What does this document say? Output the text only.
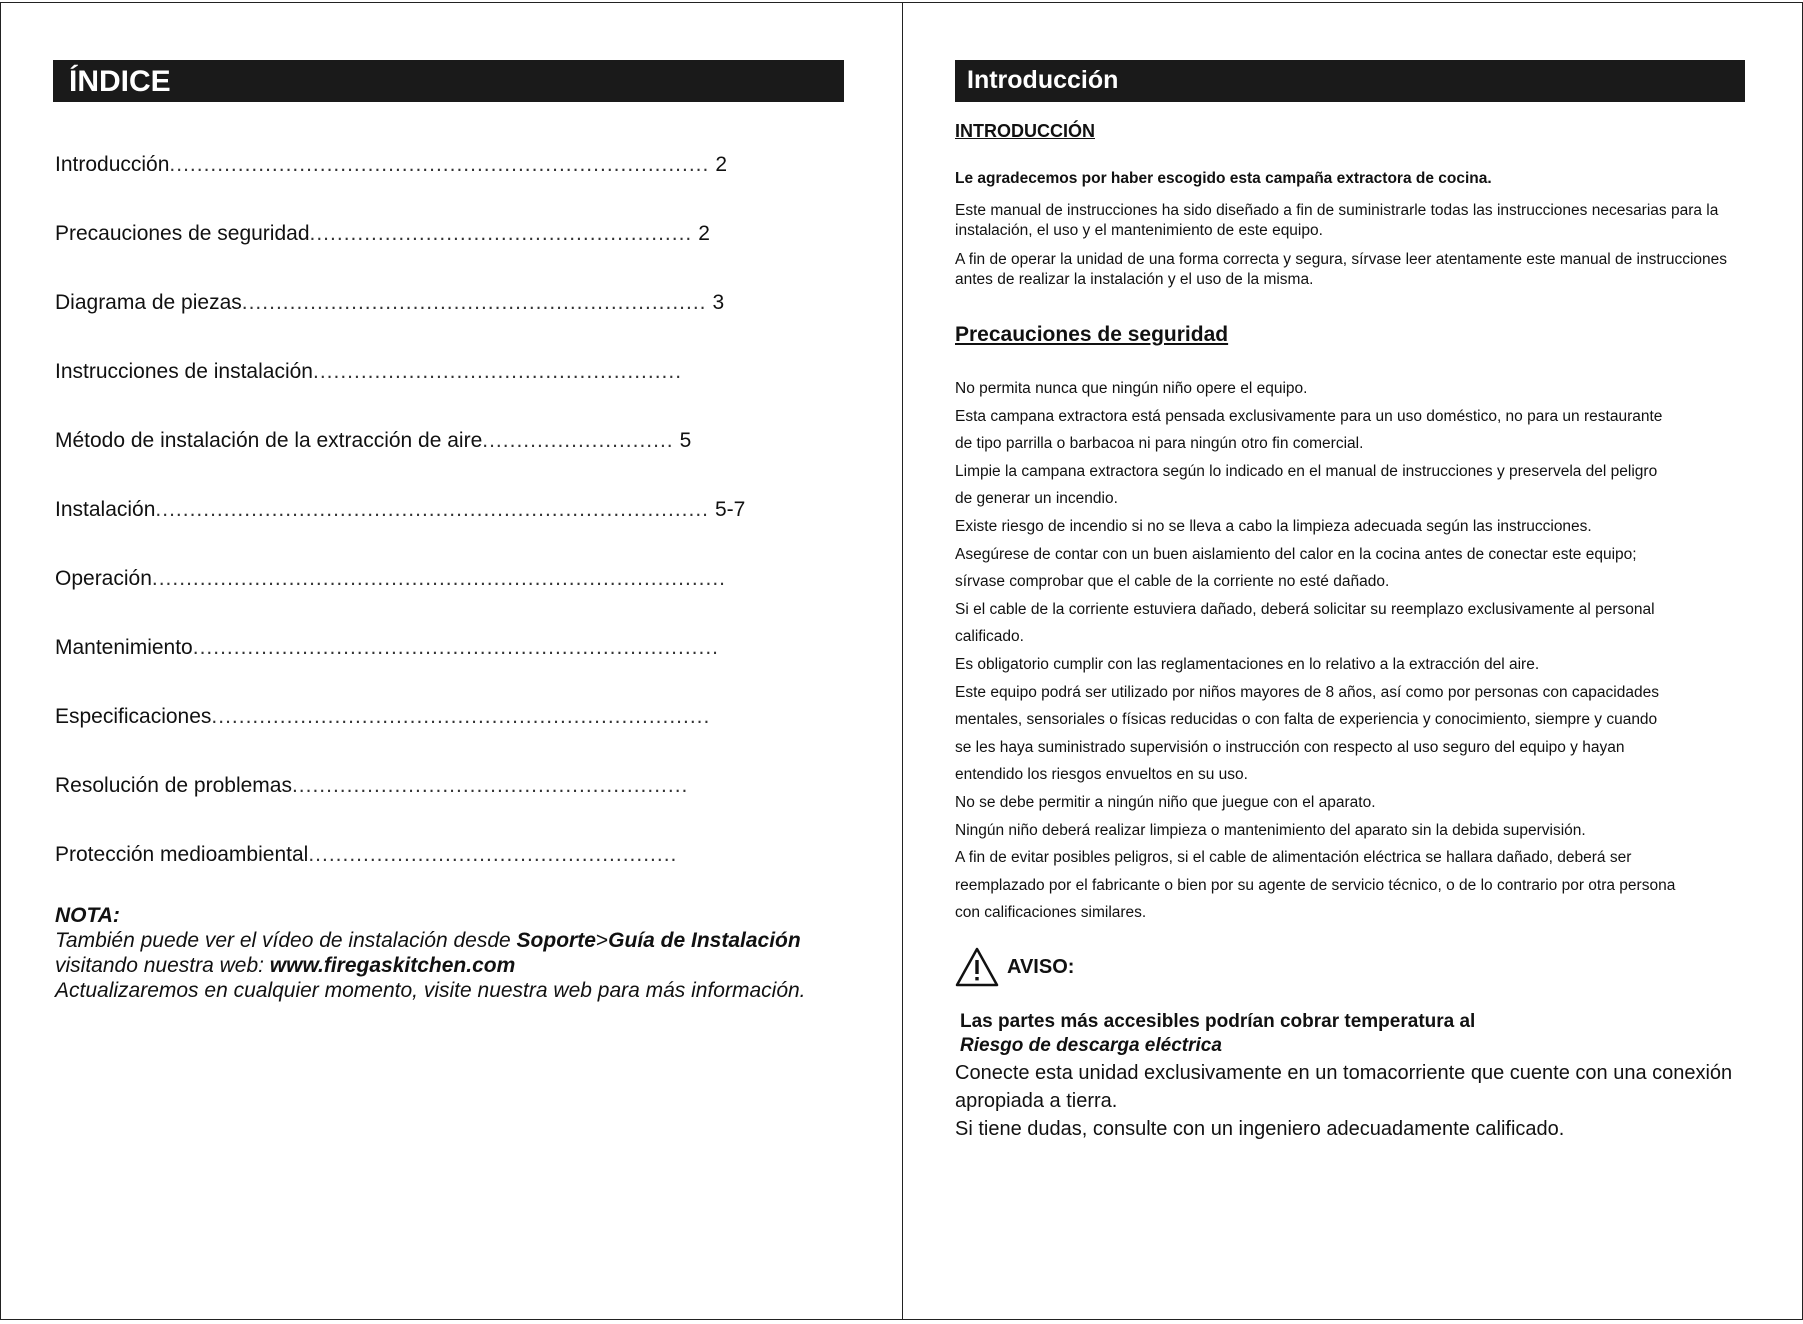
ÍNDICE
Introducción ............................................................................... 2
Precauciones de seguridad ........................................................ 2
Diagrama de piezas .................................................................... 3
Instrucciones de instalación ......................................................
Método de instalación de la extracción de aire ............................ 5
Instalación ................................................................................. 5-7
Operación ....................................................................................
Mantenimiento .............................................................................
Especificaciones .........................................................................
Resolución de problemas ..........................................................
Protección medioambiental ......................................................
NOTA:
También puede ver el vídeo de instalación desde Soporte>Guía de Instalación
visitando nuestra web: www.firegaskitchen.com
Actualizaremos en cualquier momento, visite nuestra web para más información.
Introducción
INTRODUCCIÓN
Le agradecemos por haber escogido esta campaña extractora de cocina.
Este manual de instrucciones ha sido diseñado a fin de suministrarle todas las instrucciones necesarias para la instalación, el uso y el mantenimiento de este equipo.
A fin de operar la unidad de una forma correcta y segura, sírvase leer atentamente este manual de instrucciones antes de realizar la instalación y el uso de la misma.
Precauciones de seguridad
No permita nunca que ningún niño opere el equipo.
Esta campana extractora está pensada exclusivamente para un uso doméstico, no para un restaurante
de tipo parrilla o barbacoa ni para ningún otro fin comercial.
Limpie la campana extractora según lo indicado en el manual de instrucciones y preservela del peligro
de generar un incendio.
Existe riesgo de incendio si no se lleva a cabo la limpieza adecuada según las instrucciones.
Asegúrese de contar con un buen aislamiento del calor en la cocina antes de conectar este equipo;
sírvase comprobar que el cable de la corriente no esté dañado.
Si el cable de la corriente estuviera dañado, deberá solicitar su reemplazo exclusivamente al personal
calificado.
Es obligatorio cumplir con las reglamentaciones en lo relativo a la extracción del aire.
Este equipo podrá ser utilizado por niños mayores de 8 años, así como por personas con capacidades
mentales, sensoriales o físicas reducidas o con falta de experiencia y conocimiento, siempre y cuando
se les haya suministrado supervisión o instrucción con respecto al uso seguro del equipo y hayan
entendido los riesgos envueltos en su uso.
No se debe permitir a ningún niño que juegue con el aparato.
Ningún niño deberá realizar limpieza o mantenimiento del aparato sin la debida supervisión.
A fin de evitar posibles peligros, si el cable de alimentación eléctrica se hallara dañado, deberá ser
reemplazado por el fabricante o bien por su agente de servicio técnico, o de lo contrario por otra persona
con calificaciones similares.
AVISO:
Las partes más accesibles podrían cobrar temperatura al
Riesgo de descarga eléctrica
Conecte esta unidad exclusivamente en un tomacorriente que cuente con una conexión apropiada a tierra.
Si tiene dudas, consulte con un ingeniero adecuadamente calificado.
